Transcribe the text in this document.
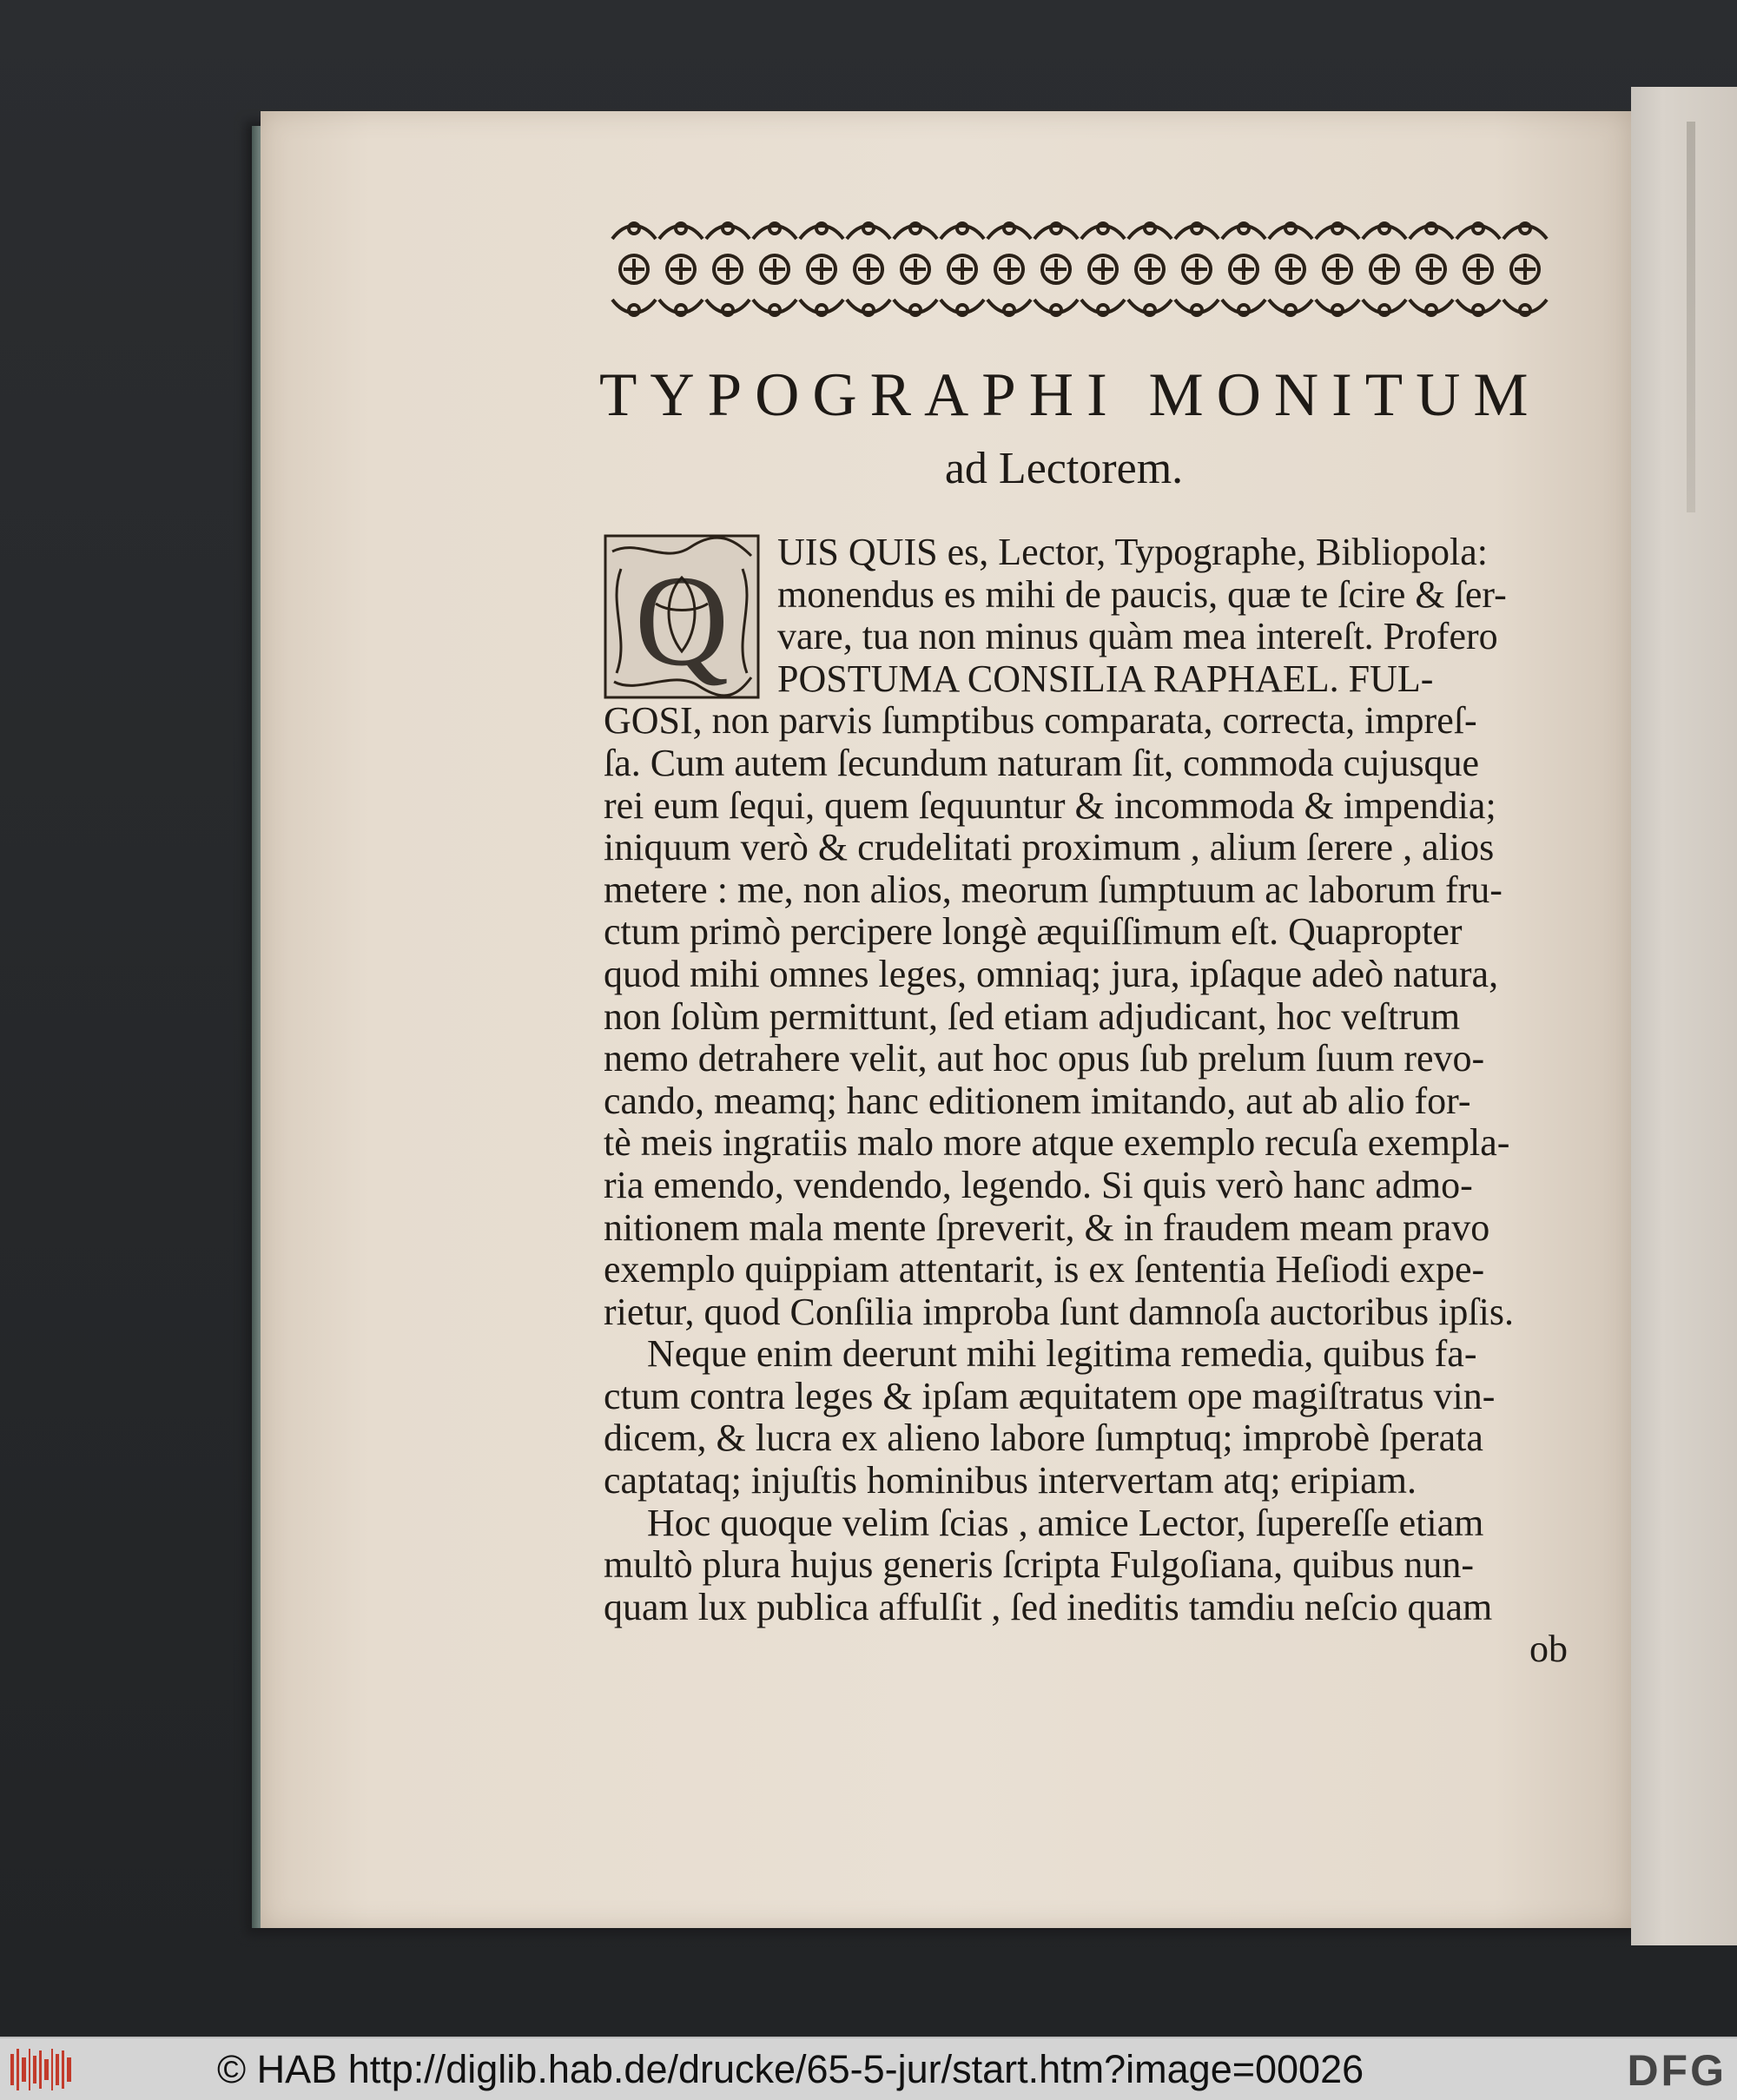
TYPOGRAPHI MONITUM
ad Lectorem.
Q	UIS QUIS es, Lector, Typographe, Bibliopola:
monendus es mihi de paucis, quæ te ſcire & ſer-
vare, tua non minus quàm mea intereſt. Profero
POSTUMA CONSILIA RAPHAEL. FUL-
GOSI, non parvis ſumptibus comparata, correcta, impreſ-
ſa. Cum autem ſecundum naturam ſit, commoda cujusque
rei eum ſequi, quem ſequuntur & incommoda & impendia;
iniquum verò & crudelitati proximum , alium ſerere , alios
metere : me, non alios, meorum ſumptuum ac laborum fru-
ctum primò percipere longè æquiſſimum eſt. Quapropter
quod mihi omnes leges, omniaq; jura, ipſaque adeò natura,
non ſolùm permittunt, ſed etiam adjudicant, hoc veſtrum
nemo detrahere velit, aut hoc opus ſub prelum ſuum revo-
cando, meamq; hanc editionem imitando, aut ab alio for-
tè meis ingratiis malo more atque exemplo recuſa exempla-
ria emendo, vendendo, legendo. Si quis verò hanc admo-
nitionem mala mente ſpreverit, & in fraudem meam pravo
exemplo quippiam attentarit, is ex ſententia Heſiodi expe-
rietur, quod Conſilia improba ſunt damnoſa auctoribus ipſis.
Neque enim deerunt mihi legitima remedia, quibus fa-
ctum contra leges & ipſam æquitatem ope magiſtratus vin-
dicem, & lucra ex alieno labore ſumptuq; improbè ſperata
captataq; injuſtis hominibus intervertam atq; eripiam.
Hoc quoque velim ſcias , amice Lector, ſupereſſe etiam
multò plura hujus generis ſcripta Fulgoſiana, quibus nun-
quam lux publica affulſit , ſed ineditis tamdiu neſcio quam
ob
© HAB http://diglib.hab.de/drucke/65-5-jur/start.htm?image=00026	DFG
